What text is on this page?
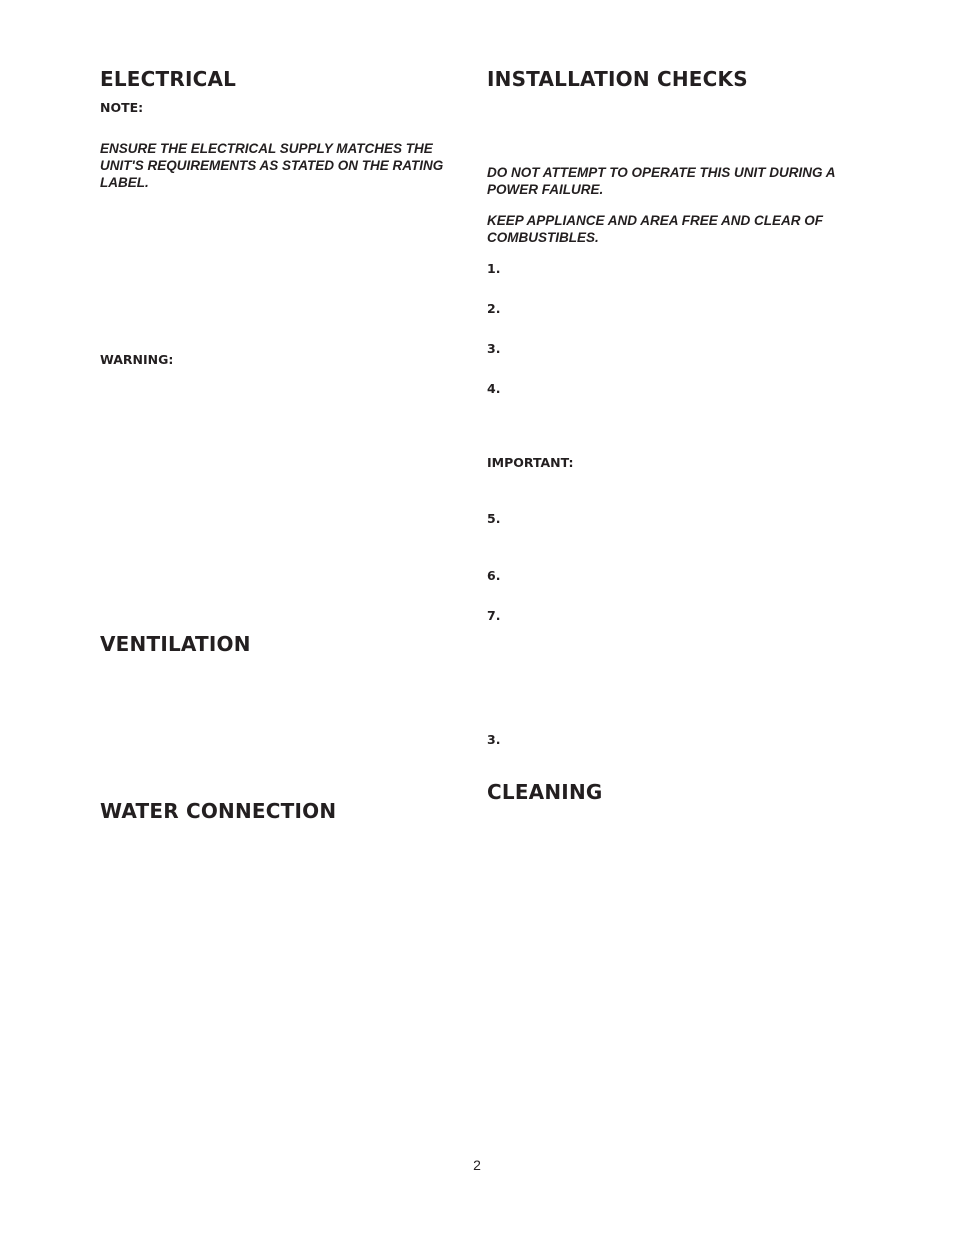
ELECTRICAL

NOTE:

ENSURE THE ELECTRICAL SUPPLY MATCHES THE UNIT'S REQUIREMENTS AS STATED ON THE RATING LABEL.

WARNING:

VENTILATION
WATER CONNECTION
INSTALLATION CHECKS

DO NOT ATTEMPT TO OPERATE THIS UNIT DURING A POWER FAILURE.

KEEP APPLIANCE AND AREA FREE AND CLEAR OF COMBUSTIBLES.

1.

2.

3.

4.

IMPORTANT:

5.

6.

7.

3.

CLEANING
2
